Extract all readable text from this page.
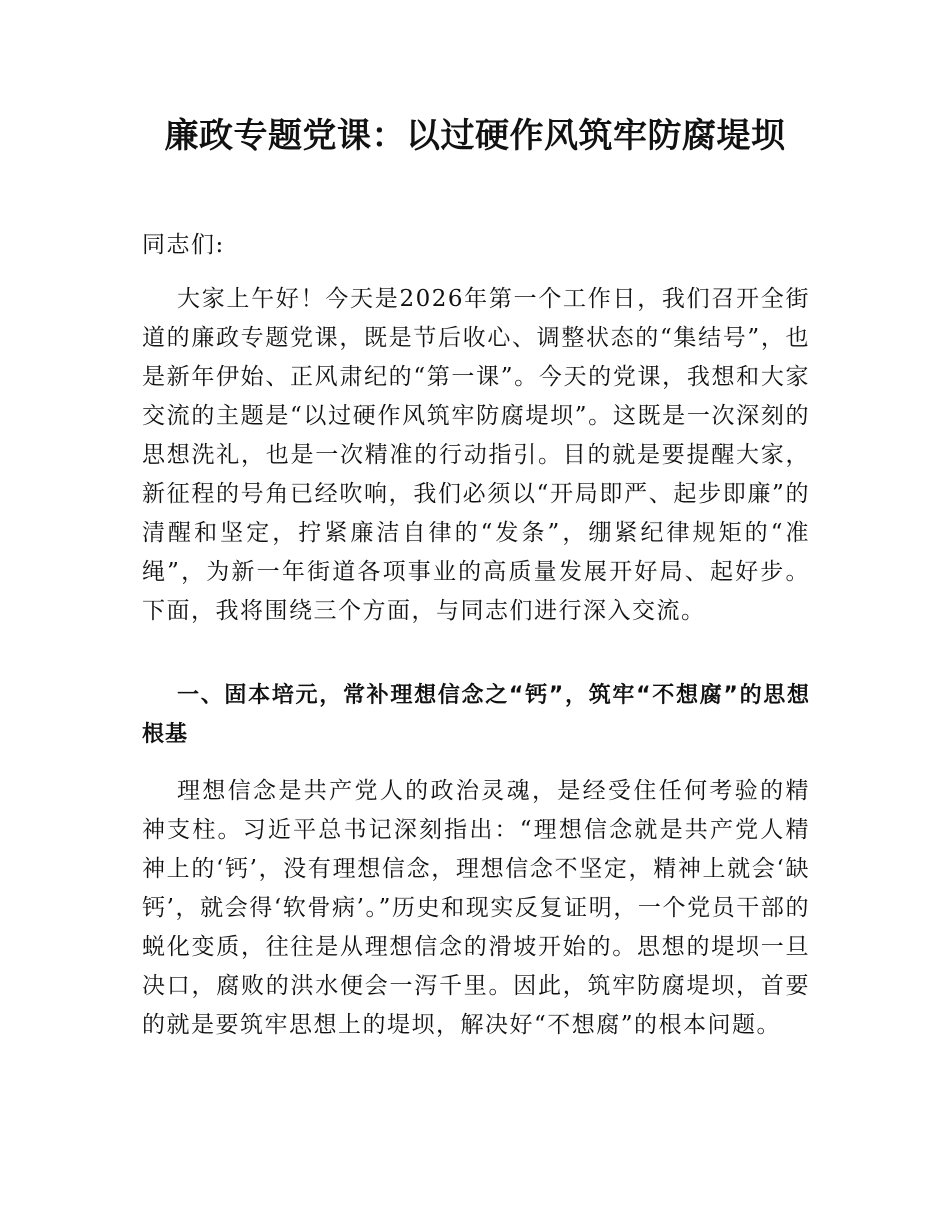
廉政专题党课：以过硬作风筑牢防腐堤坝

同志们:

大家上午好！今天是2026年第一个工作日，我们召开全街道的廉政专题党课，既是节后收心、调整状态的“集结号”，也是新年伊始、正风肃纪的“第一课”。今天的党课，我想和大家交流的主题是“以过硬作风筑牢防腐堤坝”。这既是一次深刻的思想洗礼，也是一次精准的行动指引。目的就是要提醒大家，新征程的号角已经吹响，我们必须以“开局即严、起步即廉”的清醒和坚定，拧紧廉洁自律的“发条”，绷紧纪律规矩的“准绳”，为新一年街道各项事业的高质量发展开好局、起好步。下面，我将围绕三个方面，与同志们进行深入交流。

一、固本培元，常补理想信念之“钙”，筑牢“不想腐”的思想根基

理想信念是共产党人的政治灵魂，是经受住任何考验的精神支柱。习近平总书记深刻指出：“理想信念就是共产党人精神上的‘钙’，没有理想信念，理想信念不坚定，精神上就会‘缺钙’，就会得‘软骨病’。”历史和现实反复证明，一个党员干部的蜕化变质，往往是从理想信念的滑坡开始的。思想的堤坝一旦决口，腐败的洪水便会一泻千里。因此，筑牢防腐堤坝，首要的就是要筑牢思想上的堤坝，解决好“不想腐”的根本问题。
